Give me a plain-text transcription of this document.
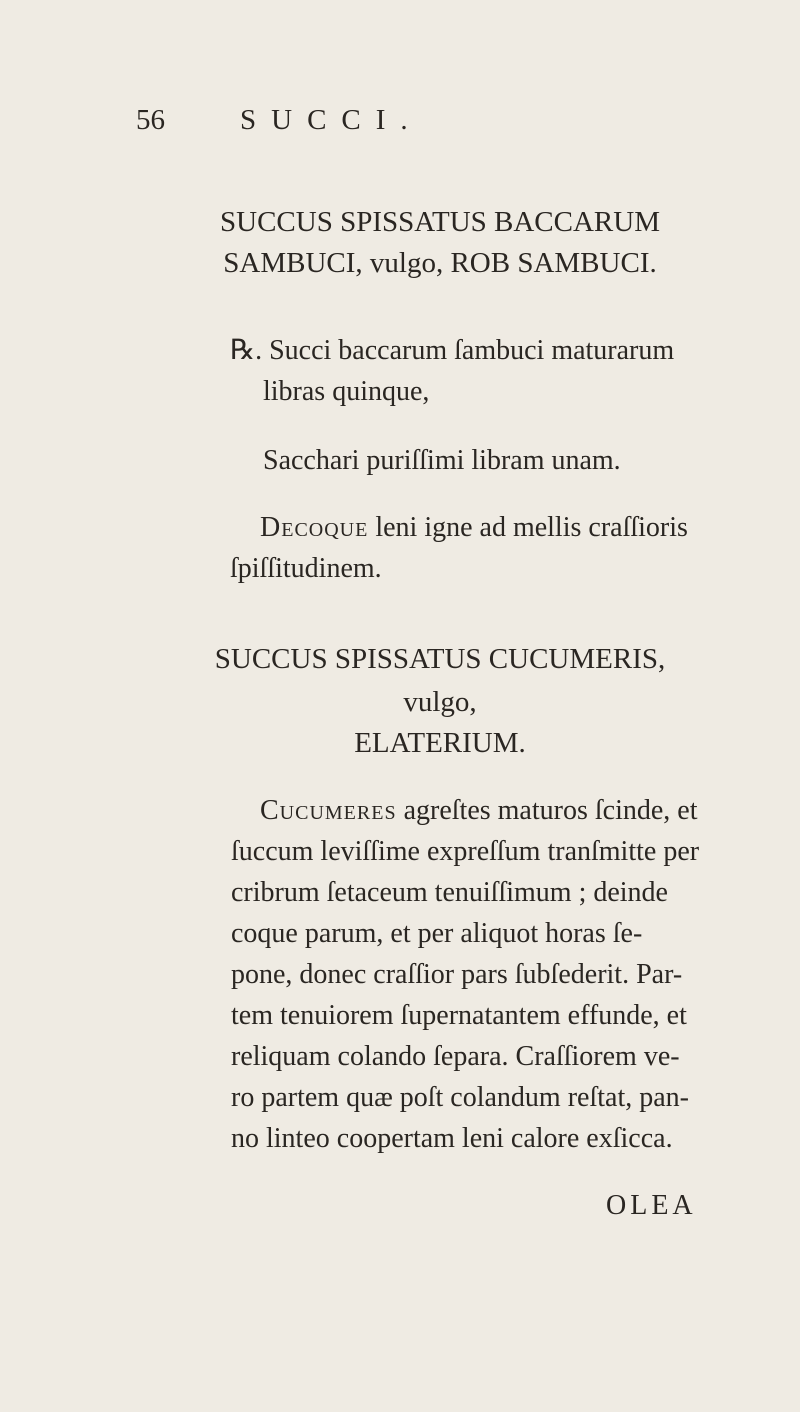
56	SUCCI.
SUCCUS SPISSATUS BACCARUM
SAMBUCI, vulgo, ROB SAMBUCI.
℞. Succi baccarum ſambuci maturarum
libras quinque,
Sacchari puriſſimi libram unam.
Decoque leni igne ad mellis craſſioris
ſpiſſitudinem.
SUCCUS SPISSATUS CUCUMERIS,
vulgo,
ELATERIUM.
Cucumeres agreſtes maturos ſcinde, et
ſuccum leviſſime expreſſum tranſmitte per
cribrum ſetaceum tenuiſſimum ; deinde
coque parum, et per aliquot horas ſe-
pone, donec craſſior pars ſubſederit. Par-
tem tenuiorem ſupernatantem effunde, et
reliquam colando ſepara. Craſſiorem ve-
ro partem quæ poſt colandum reſtat, pan-
no linteo coopertam leni calore exſicca.
OLEA
